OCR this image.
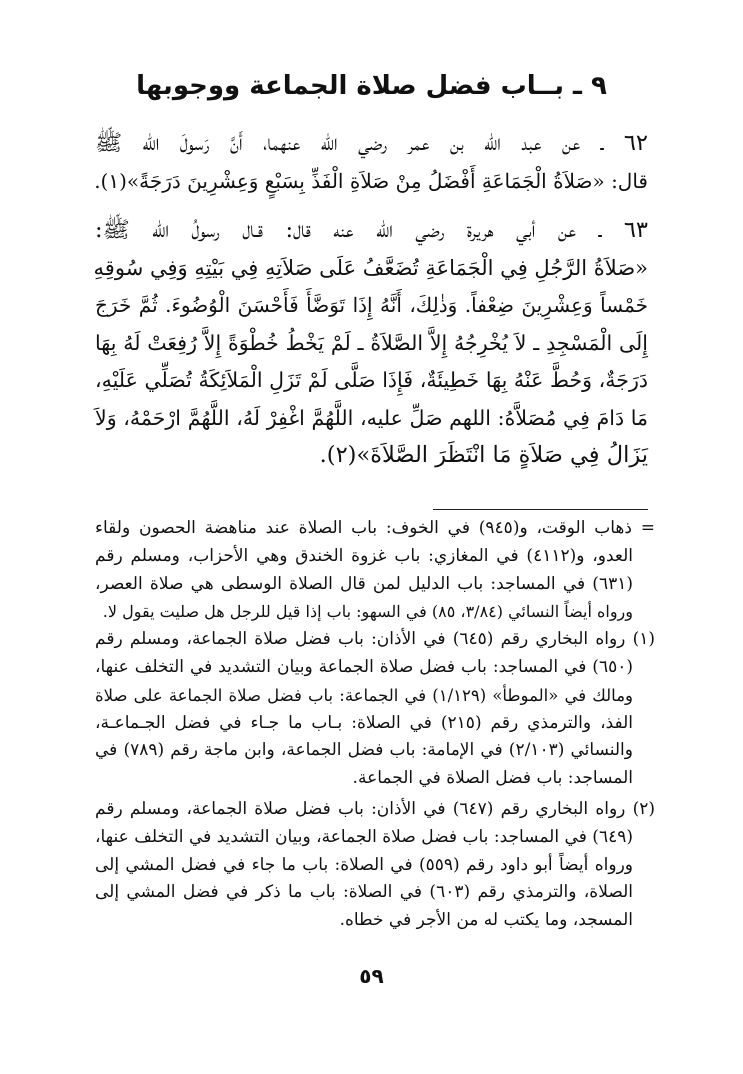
٩ ـ بــاب فضل صلاة الجماعة ووجوبها
٦٢ ـ عن عبد الله بن عمر رضي الله عنهما، أَنَّ رَسولَ الله ﷺ
قال: «صَلاَةُ الْجَمَاعَةِ أَفْضَلُ مِنْ صَلاَةِ الْفَذِّ بِسَبْعٍ وَعِشْرِينَ دَرَجَةً»(١).
٦٣ ـ عن أبي هريرة رضي الله عنه قال: قـال رسولُ الله ﷺ:
«صَلاَةُ الرَّجُلِ فِي الْجَمَاعَةِ تُضَعَّفُ عَلَى صَلاَتِهِ فِي بَيْتِهِ وَفِي سُوقِهِ
خَمْساً وَعِشْرِينَ ضِعْفاً. وَذٰلِكَ، أَنَّهُ إِذَا تَوَضَّأَ فَأَحْسَنَ الْوُضُوءَ. ثُمَّ خَرَجَ
إِلَى الْمَسْجِدِ ـ لاَ يُخْرِجُهُ إِلاَّ الصَّلاَةُ ـ لَمْ يَخْطُ خُطْوَةً إِلاَّ رُفِعَتْ لَهُ بِهَا
دَرَجَةٌ، وَحُطَّ عَنْهُ بِهَا خَطِيئَةٌ، فَإِذَا صَلَّى لَمْ تَزَلِ الْمَلاَئِكَةُ تُصَلِّي عَلَيْهِ،
مَا دَامَ فِي مُصَلاَّهُ: اللهم صَلِّ عليه، اللَّهُمَّ اغْفِرْ لَهُ، اللَّهُمَّ ارْحَمْهُ، وَلاَ
يَزَالُ فِي صَلاَةٍ مَا انْتَظَرَ الصَّلاَةَ»(٢).
= ذهاب الوقت، و(٩٤٥) في الخوف: باب الصلاة عند مناهضة الحصون ولقاء
العدو، و(٤١١٢) في المغازي: باب غزوة الخندق وهي الأحزاب، ومسلم رقم
(٦٣١) في المساجد: باب الدليل لمن قال الصلاة الوسطى هي صلاة العصر،
ورواه أيضاً النسائي (٣/٨٤، ٨٥) في السهو: باب إذا قيل للرجل هل صليت يقول لا.
(١) رواه البخاري رقم (٦٤٥) في الأذان: باب فضل صلاة الجماعة، ومسلم رقم
(٦٥٠) في المساجد: باب فضل صلاة الجماعة وبيان التشديد في التخلف عنها،
ومالك في «الموطأ» (١/١٢٩) في الجماعة: باب فضل صلاة الجماعة على صلاة
الفذ، والترمذي رقم (٢١٥) في الصلاة: بـاب ما جـاء في فضل الجـماعـة،
والنسائي (٢/١٠٣) في الإمامة: باب فضل الجماعة، وابن ماجة رقم (٧٨٩) في
المساجد: باب فضل الصلاة في الجماعة.
(٢) رواه البخاري رقم (٦٤٧) في الأذان: باب فضل صلاة الجماعة، ومسلم رقم
(٦٤٩) في المساجد: باب فضل صلاة الجماعة، وبيان التشديد في التخلف عنها،
ورواه أيضاً أبو داود رقم (٥٥٩) في الصلاة: باب ما جاء في فضل المشي إلى
الصلاة، والترمذي رقم (٦٠٣) في الصلاة: باب ما ذكر في فضل المشي إلى
المسجد، وما يكتب له من الأجر في خطاه.
٥٩
